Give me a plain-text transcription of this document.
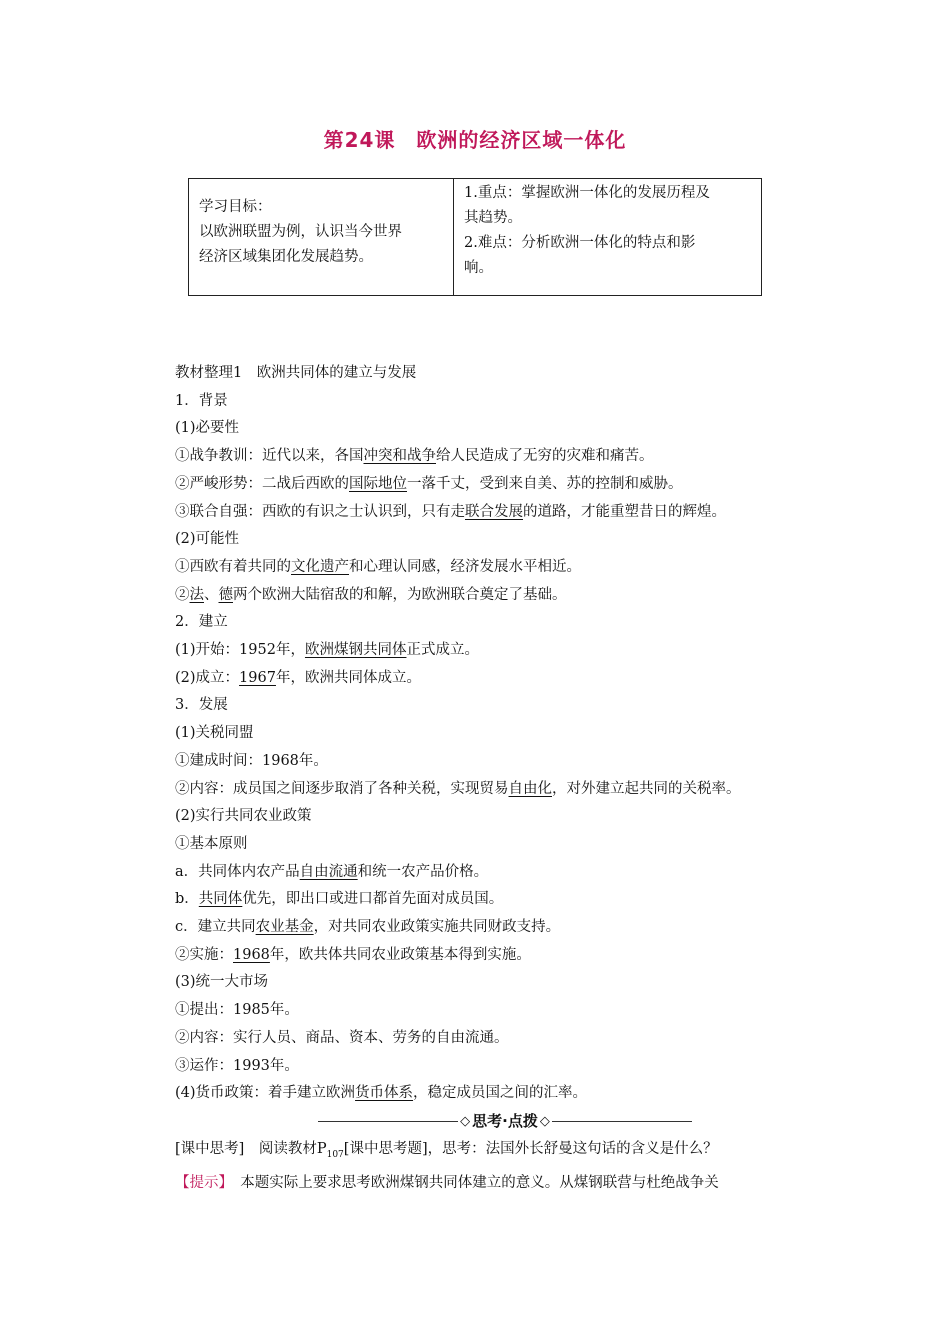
第24课　欧洲的经济区域一体化
学习目标：
以欧洲联盟为例，认识当今世界
经济区域集团化发展趋势。
1.重点：掌握欧洲一体化的发展历程及
其趋势。
2.难点：分析欧洲一体化的特点和影
响。
教材整理1　欧洲共同体的建立与发展
1．背景
(1)必要性
①战争教训：近代以来，各国冲突和战争给人民造成了无穷的灾难和痛苦。
②严峻形势：二战后西欧的国际地位一落千丈，受到来自美、苏的控制和威胁。
③联合自强：西欧的有识之士认识到，只有走联合发展的道路，才能重塑昔日的辉煌。
(2)可能性
①西欧有着共同的文化遗产和心理认同感，经济发展水平相近。
②法、德两个欧洲大陆宿敌的和解，为欧洲联合奠定了基础。
2．建立
(1)开始：1952年，欧洲煤钢共同体正式成立。
(2)成立：1967年，欧洲共同体成立。
3．发展
(1)关税同盟
①建成时间：1968年。
②内容：成员国之间逐步取消了各种关税，实现贸易自由化，对外建立起共同的关税率。
(2)实行共同农业政策
①基本原则
a．共同体内农产品自由流通和统一农产品价格。
b．共同体优先，即出口或进口都首先面对成员国。
c．建立共同农业基金，对共同农业政策实施共同财政支持。
②实施：1968年，欧共体共同农业政策基本得到实施。
(3)统一大市场
①提出：1985年。
②内容：实行人员、商品、资本、劳务的自由流通。
③运作：1993年。
(4)货币政策：着手建立欧洲货币体系，稳定成员国之间的汇率。
◇ 思考·点拨 ◇
[课中思考]　阅读教材$P_{107}$[课中思考题]，思考：法国外长舒曼这句话的含义是什么？
【提示】　本题实际上要求思考欧洲煤钢共同体建立的意义。从煤钢联营与杜绝战争关
